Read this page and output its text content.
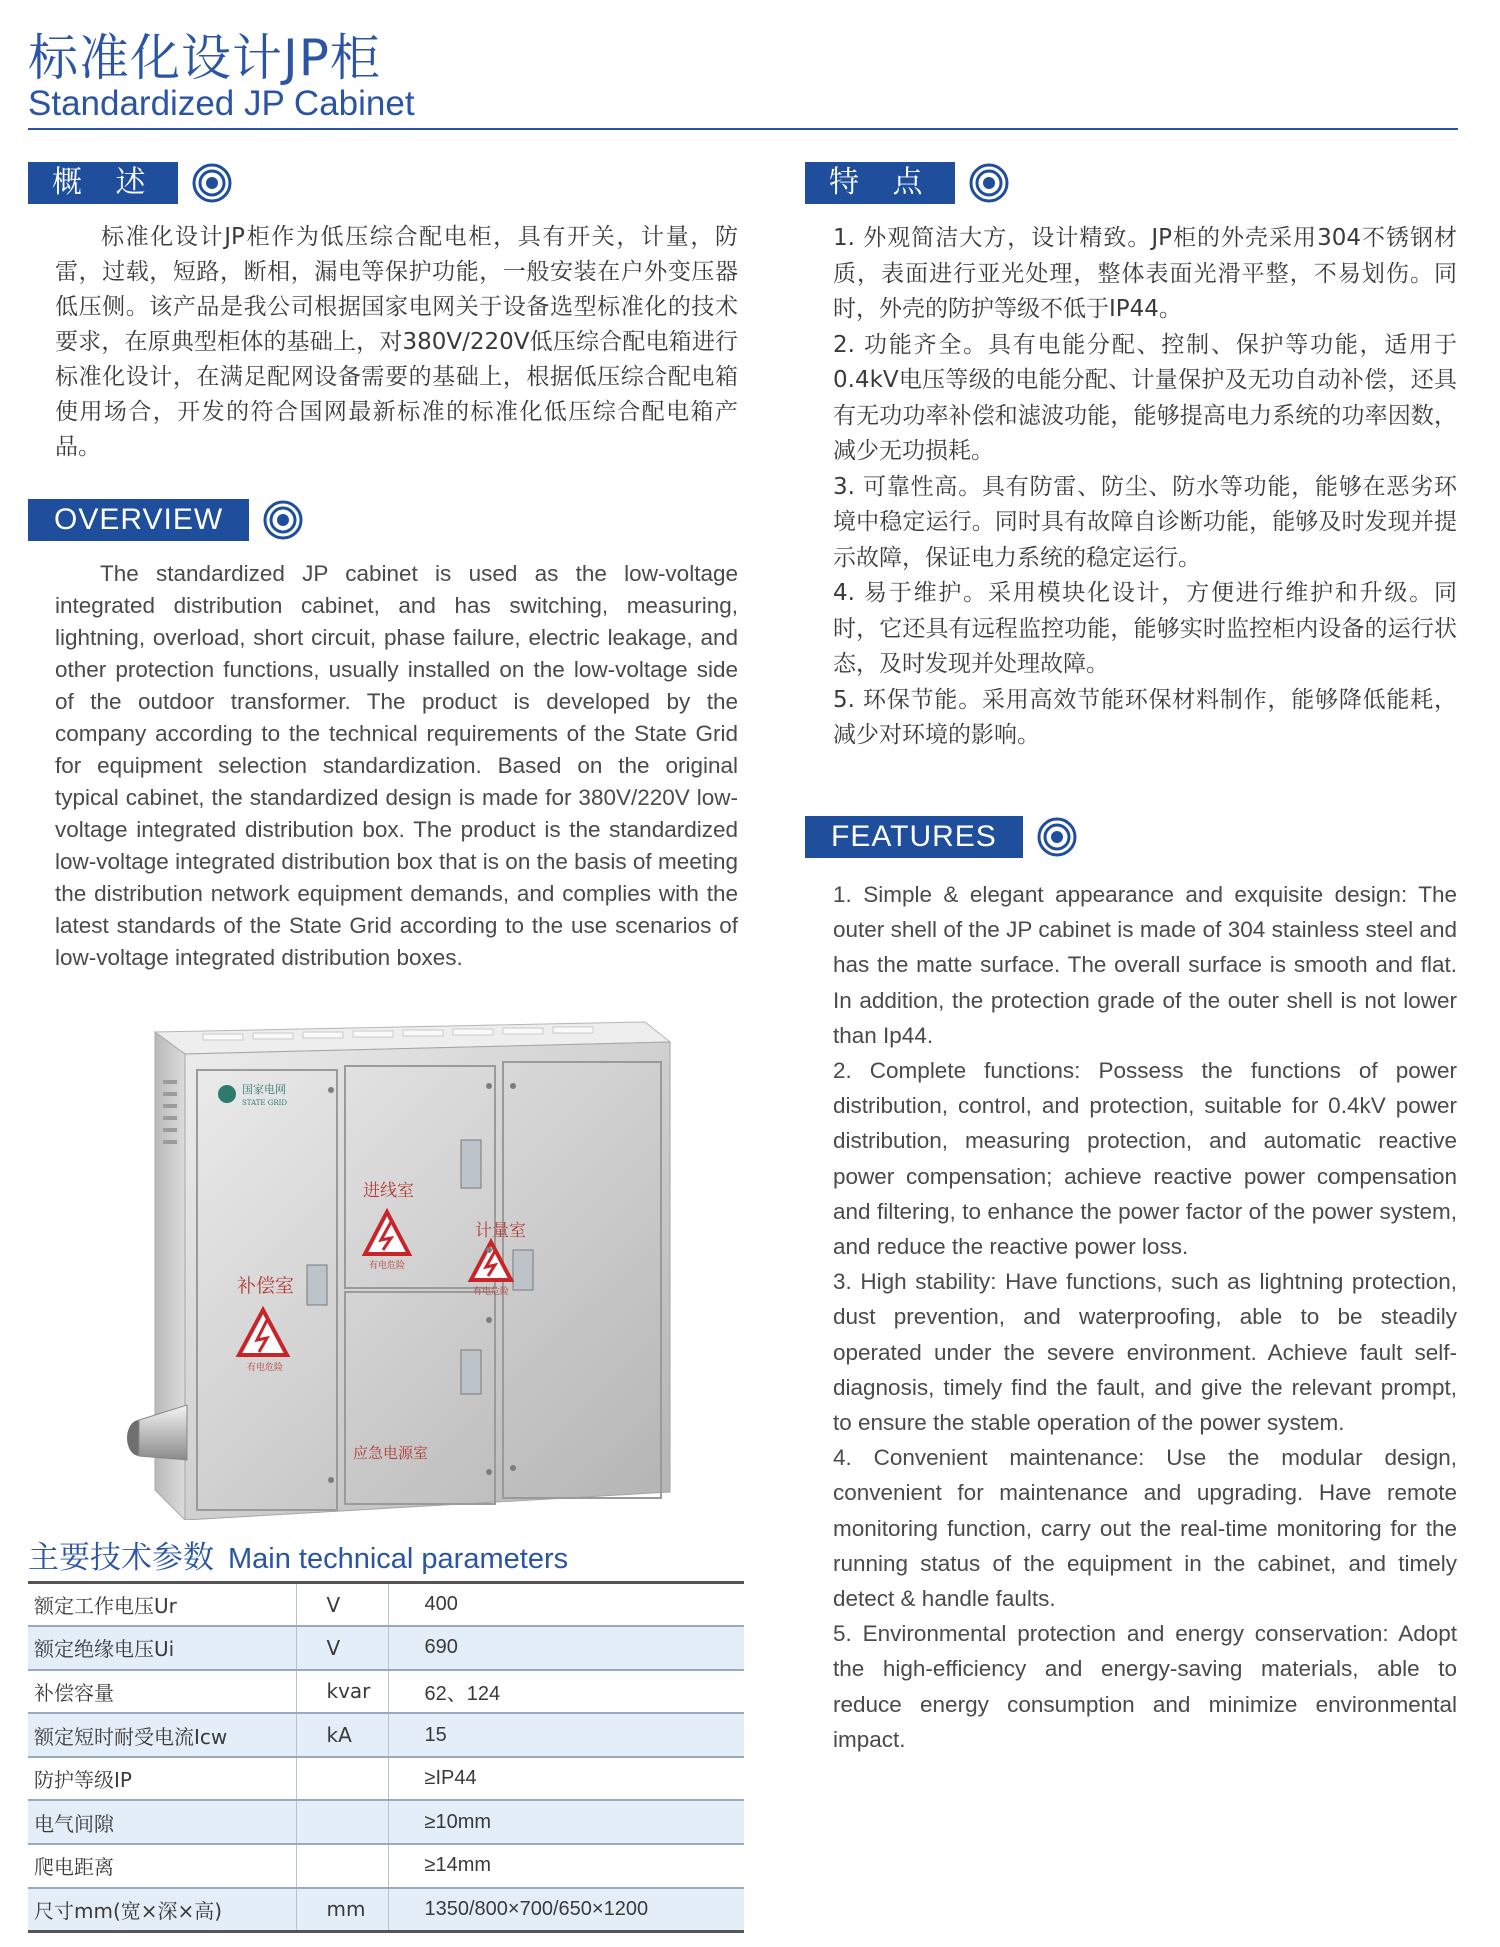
标准化设计JP柜
Standardized JP Cabinet
概 述

标准化设计JP柜作为低压综合配电柜，具有开关，计量，防雷，过载，短路，断相，漏电等保护功能，一般安装在户外变压器低压侧。该产品是我公司根据国家电网关于设备选型标准化的技术要求，在原典型柜体的基础上，对380V/220V低压综合配电箱进行标准化设计，在满足配网设备需要的基础上，根据低压综合配电箱使用场合，开发的符合国网最新标准的标准化低压综合配电箱产品。

OVERVIEW

The standardized JP cabinet is used as the low-voltage integrated distribution cabinet, and has switching, measuring, lightning, overload, short circuit, phase failure, electric leakage, and other protection functions, usually installed on the low-voltage side of the outdoor transformer. The product is developed by the company according to the technical requirements of the State Grid for equipment selection standardization. Based on the original typical cabinet, the standardized design is made for 380V/220V low-voltage integrated distribution box. The product is the standardized low-voltage integrated distribution box that is on the basis of meeting the distribution network equipment demands, and complies with the latest standards of the State Grid according to the use scenarios of low-voltage integrated distribution boxes.

国家电网
STATE GRID
补偿室
进线室
计量室
应急电源室
有电危险
有电危险
有电危险
主要技术参数 Main technical parameters
额定工作电压Ur	V	400
额定绝缘电压Ui	V	690
补偿容量	kvar	62、124
额定短时耐受电流Icw	kA	15
防护等级IP		≥IP44
电气间隙		≥10mm
爬电距离		≥14mm
尺寸mm(宽×深×高)	mm	1350/800×700/650×1200
特 点

1. 外观简洁大方，设计精致。JP柜的外壳采用304不锈钢材质，表面进行亚光处理，整体表面光滑平整，不易划伤。同时，外壳的防护等级不低于IP44。

2. 功能齐全。具有电能分配、控制、保护等功能，适用于0.4kV电压等级的电能分配、计量保护及无功自动补偿，还具有无功功率补偿和滤波功能，能够提高电力系统的功率因数，减少无功损耗。

3. 可靠性高。具有防雷、防尘、防水等功能，能够在恶劣环境中稳定运行。同时具有故障自诊断功能，能够及时发现并提示故障，保证电力系统的稳定运行。

4. 易于维护。采用模块化设计，方便进行维护和升级。同时，它还具有远程监控功能，能够实时监控柜内设备的运行状态，及时发现并处理故障。

5. 环保节能。采用高效节能环保材料制作，能够降低能耗，减少对环境的影响。

FEATURES

1. Simple & elegant appearance and exquisite design: The outer shell of the JP cabinet is made of 304 stainless steel and has the matte surface. The overall surface is smooth and flat. In addition, the protection grade of the outer shell is not lower than Ip44.

2. Complete functions: Possess the functions of power distribution, control, and protection, suitable for 0.4kV power distribution, measuring protection, and automatic reactive power compensation; achieve reactive power compensation and filtering, to enhance the power factor of the power system, and reduce the reactive power loss.

3. High stability: Have functions, such as lightning protection, dust prevention, and waterproofing, able to be steadily operated under the severe environment. Achieve fault self-diagnosis, timely find the fault, and give the relevant prompt, to ensure the stable operation of the power system.

4. Convenient maintenance: Use the modular design, convenient for maintenance and upgrading. Have remote monitoring function, carry out the real-time monitoring for the running status of the equipment in the cabinet, and timely detect & handle faults.

5. Environmental protection and energy conservation: Adopt the high-efficiency and energy-saving materials, able to reduce energy consumption and minimize environmental impact.
